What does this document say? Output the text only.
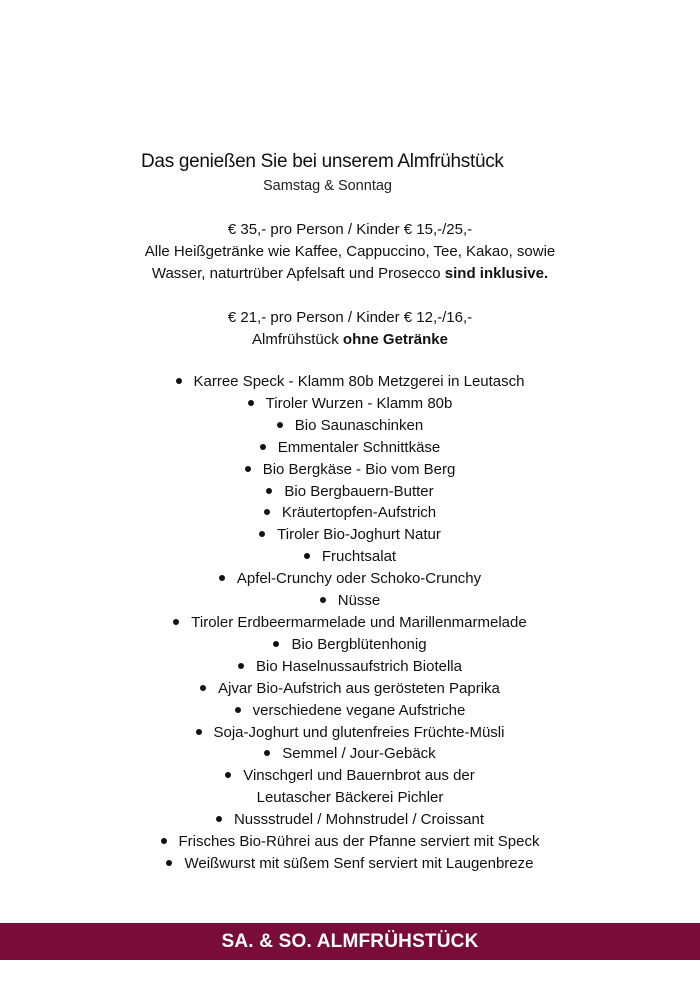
Das genießen Sie bei unserem Almfrühstück
Samstag & Sonntag
€ 35,- pro Person / Kinder € 15,-/25,-
Alle Heißgetränke wie Kaffee, Cappuccino, Tee, Kakao, sowie
Wasser, naturtrüber Apfelsaft und Prosecco sind inklusive.
€ 21,- pro Person / Kinder € 12,-/16,-
Almfrühstück ohne Getränke
Karree Speck - Klamm 80b Metzgerei in Leutasch
Tiroler Wurzen - Klamm 80b
Bio Saunaschinken
Emmentaler Schnittkäse
Bio Bergkäse - Bio vom Berg
Bio Bergbauern-Butter
Kräutertopfen-Aufstrich
Tiroler Bio-Joghurt Natur
Fruchtsalat
Apfel-Crunchy oder Schoko-Crunchy
Nüsse
Tiroler Erdbeermarmelade und Marillenmarmelade
Bio Bergblütenhonig
Bio Haselnussaufstrich Biotella
Ajvar Bio-Aufstrich aus gerösteten Paprika
verschiedene vegane Aufstriche
Soja-Joghurt und glutenfreies Früchte-Müsli
Semmel / Jour-Gebäck
Vinschgerl und Bauernbrot aus der
Leutascher Bäckerei Pichler
Nussstrudel / Mohnstrudel / Croissant
Frisches Bio-Rührei aus der Pfanne serviert mit Speck
Weißwurst mit süßem Senf serviert mit Laugenbreze
SA. & SO. ALMFRÜHSTÜCK
